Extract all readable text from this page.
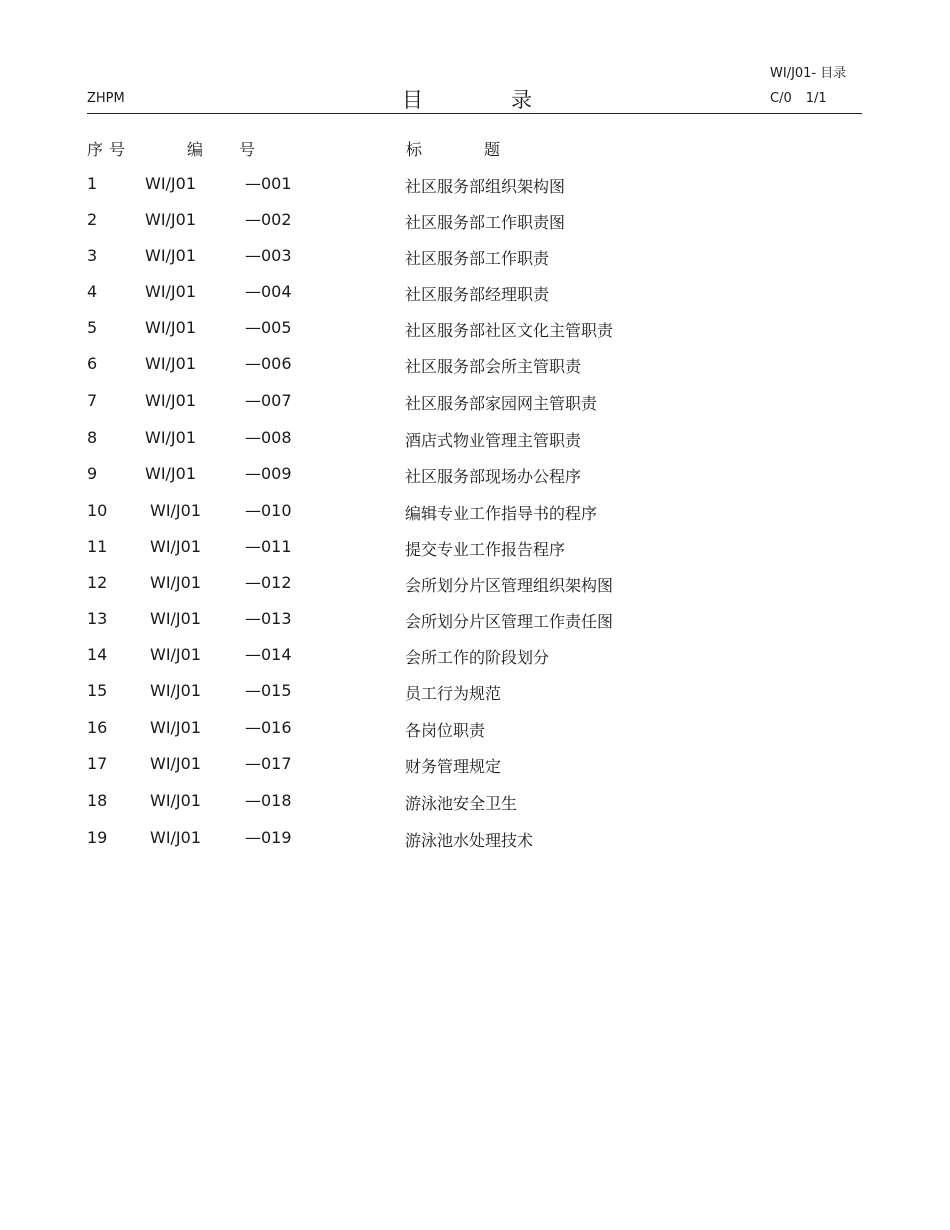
WI/J01- 目录
ZHPM	目录	C/0 1/1
序号	编号	标题
1	WI/J01	—001	社区服务部组织架构图
2	WI/J01	—002	社区服务部工作职责图
3	WI/J01	—003	社区服务部工作职责
4	WI/J01	—004	社区服务部经理职责
5	WI/J01	—005	社区服务部社区文化主管职责
6	WI/J01	—006	社区服务部会所主管职责
7	WI/J01	—007	社区服务部家园网主管职责
8	WI/J01	—008	酒店式物业管理主管职责
9	WI/J01	—009	社区服务部现场办公程序
10	WI/J01	—010	编辑专业工作指导书的程序
11	WI/J01	—011	提交专业工作报告程序
12	WI/J01	—012	会所划分片区管理组织架构图
13	WI/J01	—013	会所划分片区管理工作责任图
14	WI/J01	—014	会所工作的阶段划分
15	WI/J01	—015	员工行为规范
16	WI/J01	—016	各岗位职责
17	WI/J01	—017	财务管理规定
18	WI/J01	—018	游泳池安全卫生
19	WI/J01	—019	游泳池水处理技术
